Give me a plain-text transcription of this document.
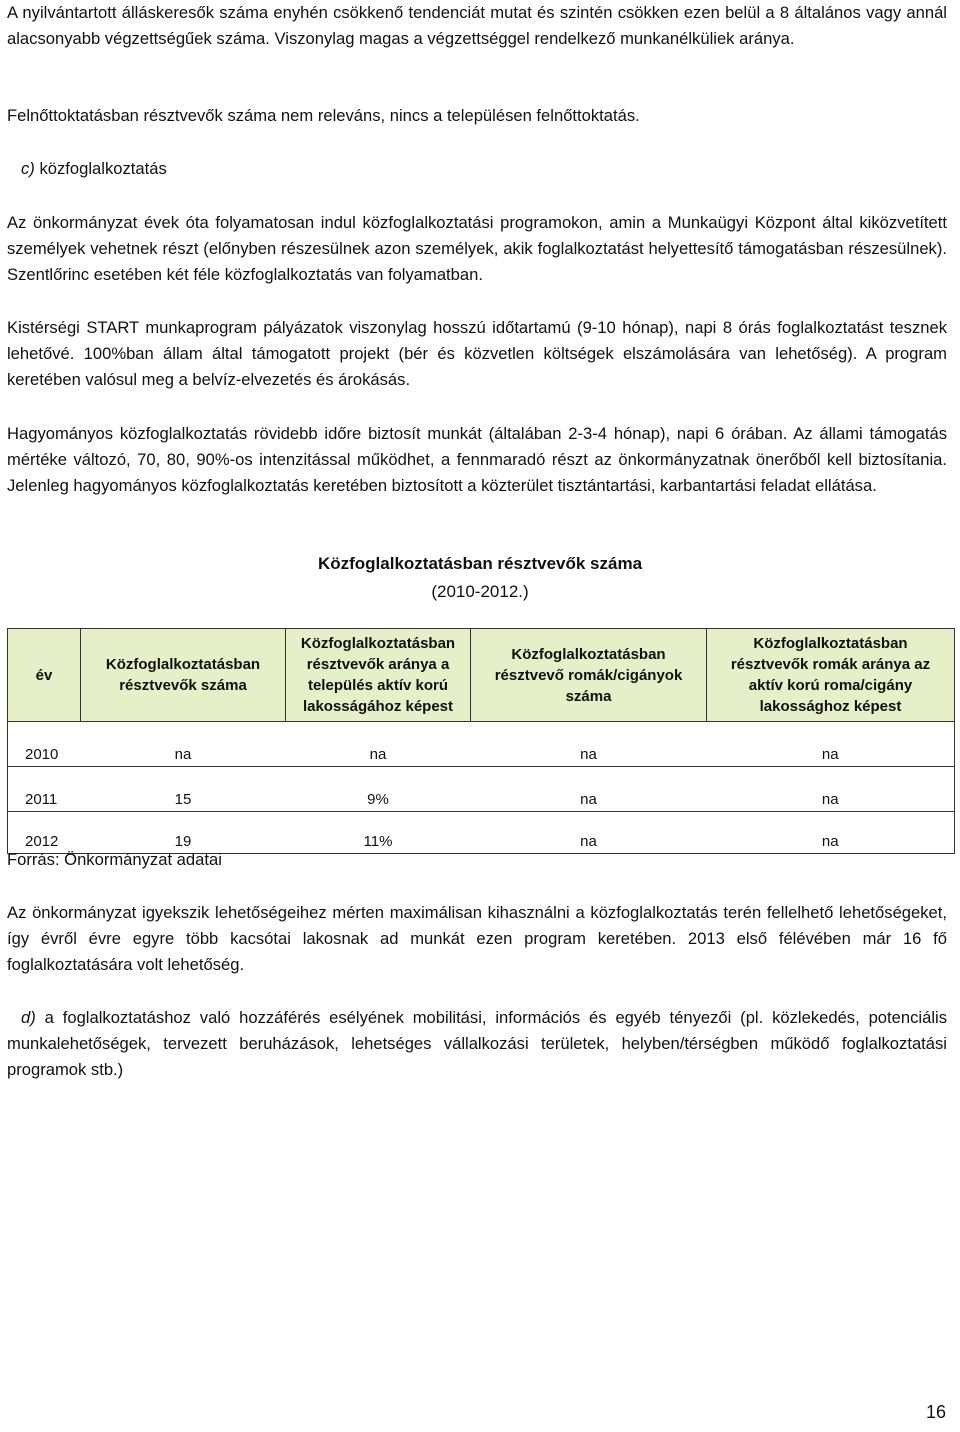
A nyilvántartott álláskeresők száma enyhén csökkenő tendenciát mutat és szintén csökken ezen belül a 8 általános vagy annál alacsonyabb végzettségűek száma. Viszonylag magas a végzettséggel rendelkező munkanélküliek aránya.

Felnőttoktatásban résztvevők száma nem releváns, nincs a településen felnőttoktatás.

c) közfoglalkoztatás

Az önkormányzat évek óta folyamatosan indul közfoglalkoztatási programokon, amin a Munkaügyi Központ által kiközvetített személyek vehetnek részt (előnyben részesülnek azon személyek, akik foglalkoztatást helyettesítő támogatásban részesülnek). Szentlőrinc esetében két féle közfoglalkoztatás van folyamatban.

Kistérségi START munkaprogram pályázatok viszonylag hosszú időtartamú (9-10 hónap), napi 8 órás foglalkoztatást tesznek lehetővé. 100%ban állam által támogatott projekt (bér és közvetlen költségek elszámolására van lehetőség). A program keretében valósul meg a belvíz-elvezetés és árokásás.

Hagyományos közfoglalkoztatás rövidebb időre biztosít munkát (általában 2-3-4 hónap), napi 6 órában. Az állami támogatás mértéke változó, 70, 80, 90%-os intenzitással működhet, a fennmaradó részt az önkormányzatnak önerőből kell biztosítania. Jelenleg hagyományos közfoglalkoztatás keretében biztosított a közterület tisztántartási, karbantartási feladat ellátása.

Közfoglalkoztatásban résztvevők száma

(2010-2012.)

év	Közfoglalkoztatásban résztvevők száma	Közfoglalkoztatásban résztvevők aránya a település aktív korú lakosságához képest	Közfoglalkoztatásban résztvevő romák/cigányok száma	Közfoglalkoztatásban résztvevők romák aránya az aktív korú roma/cigány lakossághoz képest
2010	na	na	na	na
2011	15	9%	na	na
2012	19	11%	na	na

Forrás: Önkormányzat adatai

Az önkormányzat igyekszik lehetőségeihez mérten maximálisan kihasználni a közfoglalkoztatás terén fellelhető lehetőségeket, így évről évre egyre több kacsótai lakosnak ad munkát ezen program keretében. 2013 első félévében már 16 fő foglalkoztatására volt lehetőség.

d) a foglalkoztatáshoz való hozzáférés esélyének mobilitási, információs és egyéb tényezői (pl. közlekedés, potenciális munkalehetőségek, tervezett beruházások, lehetséges vállalkozási területek, helyben/térségben működő foglalkoztatási programok stb.)

16
